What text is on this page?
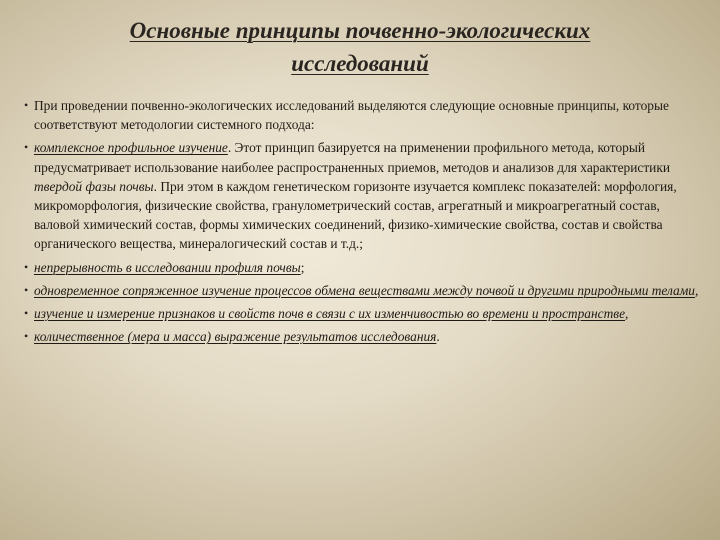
Основные принципы почвенно-экологических исследований
• При проведении почвенно-экологических исследований выделяются следующие основные принципы, которые соответствуют методологии системного подхода:
• комплексное профильное изучение. Этот принцип базируется на применении профильного метода, который предусматривает использование наиболее распространенных приемов, методов и анализов для характеристики твердой фазы почвы. При этом в каждом генетическом горизонте изучается комплекс показателей: морфология, микроморфология, физические свойства, гранулометрический состав, агрегатный и микроагрегатный состав, валовой химический состав, формы химических соединений, физико-химические свойства, состав и свойства органического вещества, минералогический состав и т.д.;
• непрерывность в исследовании профиля почвы;
• одновременное сопряженное изучение процессов обмена веществами между почвой и другими природными телами,
• изучение и измерение признаков и свойств почв в связи с их изменчивостью во времени и пространстве,
• количественное (мера и масса) выражение результатов исследования.
